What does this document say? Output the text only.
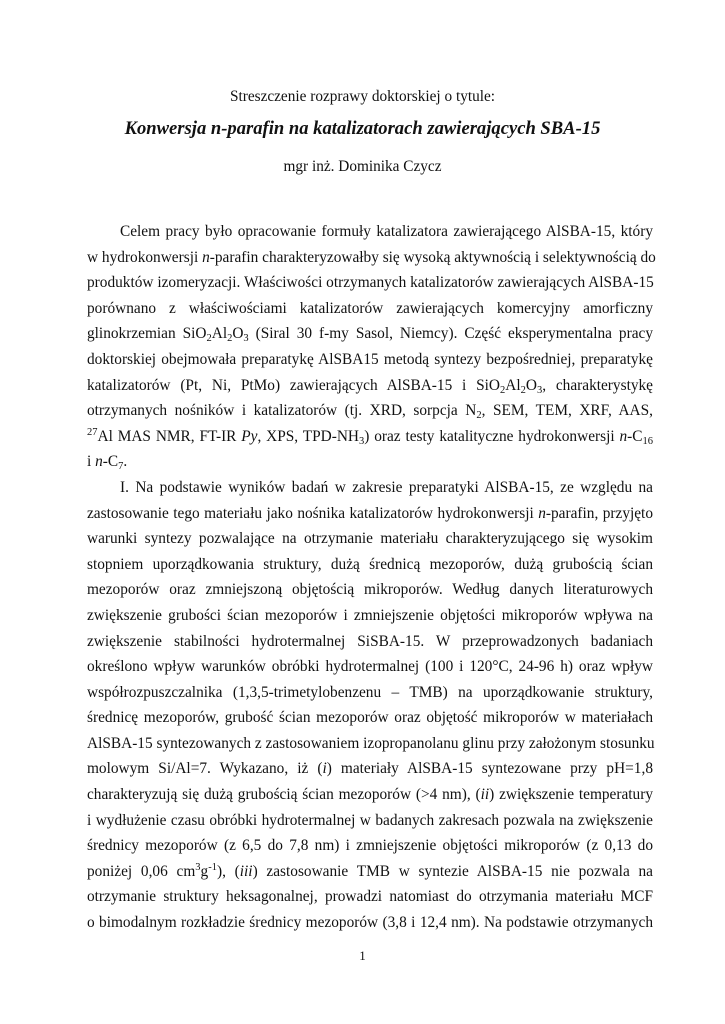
Streszczenie rozprawy doktorskiej o tytule:
Konwersja n-parafin na katalizatorach zawierających SBA-15
mgr inż. Dominika Czycz
Celem pracy było opracowanie formuły katalizatora zawierającego AlSBA-15, który
w hydrokonwersji n-parafin charakteryzowałby się wysoką aktywnością i selektywnością do
produktów izomeryzacji. Właściwości otrzymanych katalizatorów zawierających AlSBA-15
porównano z właściwościami katalizatorów zawierających komercyjny amorficzny
glinokrzemian $SiO_2Al_2O_3$ (Siral 30 f-my Sasol, Niemcy). Część eksperymentalna pracy
doktorskiej obejmowała preparatykę AlSBA15 metodą syntezy bezpośredniej, preparatykę
katalizatorów (Pt, Ni, PtMo) zawierających AlSBA-15 i $SiO_2Al_2O_3$, charakterystykę
otrzymanych nośników i katalizatorów (tj. XRD, sorpcja $N_2$, SEM, TEM, XRF, AAS,
$^{27}$Al MAS NMR, FT-IR Py, XPS, TPD-$NH_3$) oraz testy katalityczne hydrokonwersji $n-C_{16}$
i $n-C_7$.
I. Na podstawie wyników badań w zakresie preparatyki AlSBA-15, ze względu na
zastosowanie tego materiału jako nośnika katalizatorów hydrokonwersji n-parafin, przyjęto
warunki syntezy pozwalające na otrzymanie materiału charakteryzującego się wysokim
stopniem uporządkowania struktury, dużą średnicą mezoporów, dużą grubością ścian
mezoporów oraz zmniejszoną objętością mikroporów. Według danych literaturowych
zwiększenie grubości ścian mezoporów i zmniejszenie objętości mikroporów wpływa na
zwiększenie stabilności hydrotermalnej SiSBA-15. W przeprowadzonych badaniach
określono wpływ warunków obróbki hydrotermalnej (100 i 120°C, 24-96 h) oraz wpływ
współrozpuszczalnika (1,3,5-trimetylobenzenu – TMB) na uporządkowanie struktury,
średnicę mezoporów, grubość ścian mezoporów oraz objętość mikroporów w materiałach
AlSBA-15 syntezowanych z zastosowaniem izopropanolanu glinu przy założonym stosunku
molowym Si/Al=7. Wykazano, iż (i) materiały AlSBA-15 syntezowane przy pH=1,8
charakteryzują się dużą grubością ścian mezoporów (>4 nm), (ii) zwiększenie temperatury
i wydłużenie czasu obróbki hydrotermalnej w badanych zakresach pozwala na zwiększenie
średnicy mezoporów (z 6,5 do 7,8 nm) i zmniejszenie objętości mikroporów (z 0,13 do
poniżej 0,06 $cm^3g^{-1}$), (iii) zastosowanie TMB w syntezie AlSBA-15 nie pozwala na
otrzymanie struktury heksagonalnej, prowadzi natomiast do otrzymania materiału MCF
o bimodalnym rozkładzie średnicy mezoporów (3,8 i 12,4 nm). Na podstawie otrzymanych
1
